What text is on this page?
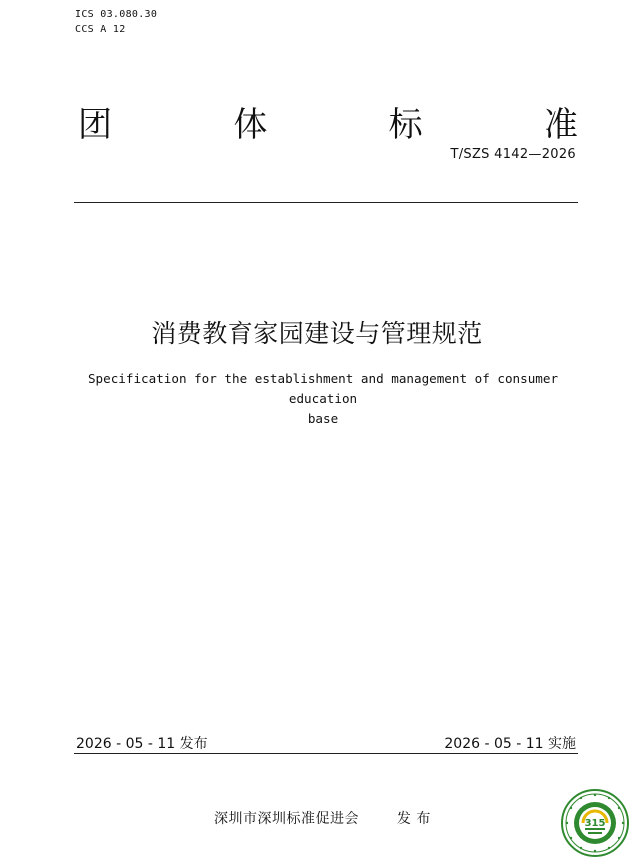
ICS 03.080.30
CCS A 12
团	体	标	准
T/SZS 4142—2026
消费教育家园建设与管理规范
Specification for the establishment and management of consumer education
base
2026 - 05 - 11 发布	2026 - 05 - 11 实施
深圳市深圳标准促进会	发 布	315
